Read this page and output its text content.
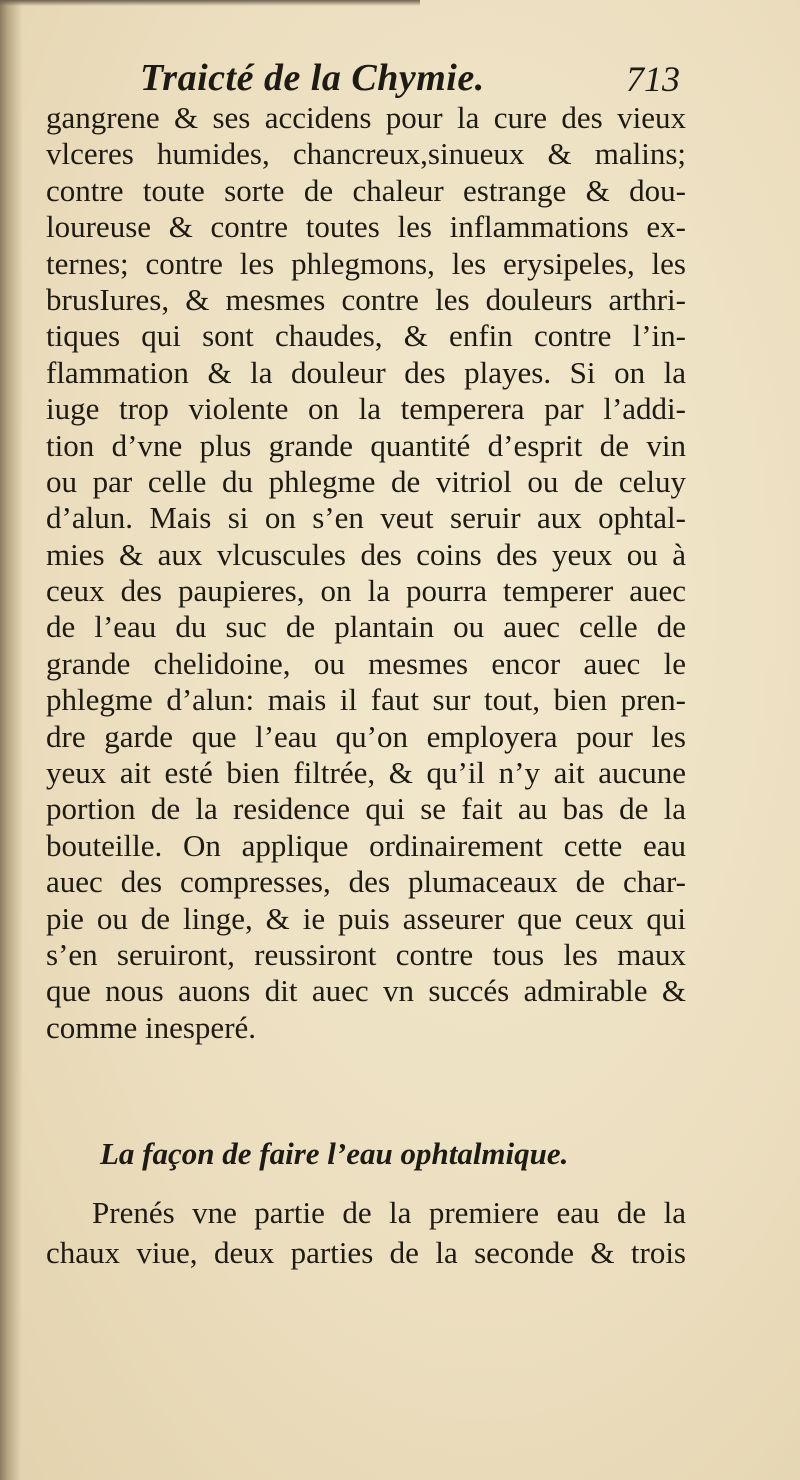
Traicté de la Chymie.	713
gangrene & ses accidens pour la cure des vieux
vlceres humides, chancreux,sinueux & malins;
contre toute sorte de chaleur estrange & dou-
loureuse & contre toutes les inflammations ex-
ternes; contre les phlegmons, les erysipeles, les
brusIures, & mesmes contre les douleurs arthri-
tiques qui sont chaudes, & enfin contre l’in-
flammation & la douleur des playes. Si on la
iuge trop violente on la temperera par l’addi-
tion d’vne plus grande quantité d’esprit de vin
ou par celle du phlegme de vitriol ou de celuy
d’alun. Mais si on s’en veut seruir aux ophtal-
mies & aux vlcuscules des coins des yeux ou à
ceux des paupieres, on la pourra temperer auec
de l’eau du suc de plantain ou auec celle de
grande chelidoine, ou mesmes encor auec le
phlegme d’alun: mais il faut sur tout, bien pren-
dre garde que l’eau qu’on employera pour les
yeux ait esté bien filtrée, & qu’il n’y ait aucune
portion de la residence qui se fait au bas de la
bouteille. On applique ordinairement cette eau
auec des compresses, des plumaceaux de char-
pie ou de linge, & ie puis asseurer que ceux qui
s’en seruiront, reussiront contre tous les maux
que nous auons dit auec vn succés admirable &
comme inesperé.
La façon de faire l’eau ophtalmique.
Prenés vne partie de la premiere eau de la
chaux viue, deux parties de la seconde & trois
